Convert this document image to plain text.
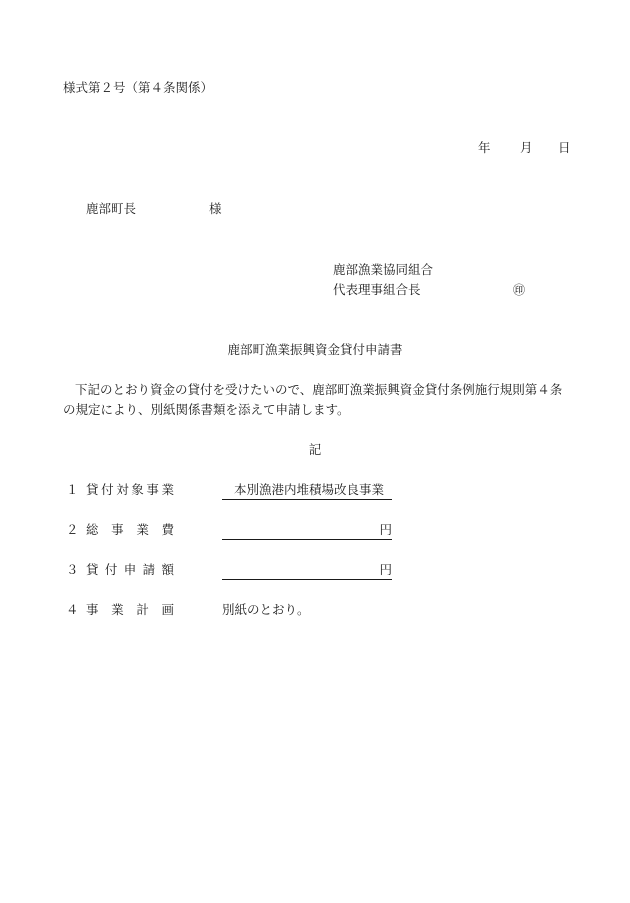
様式第２号（第４条関係）
年 月 日
鹿部町長	様
鹿部漁業協同組合
代表理事組合長	㊞
鹿部町漁業振興資金貸付申請書
下記のとおり資金の貸付を受けたいので、鹿部町漁業振興資金貸付条例施行規則第４条の規定により、別紙関係書類を添えて申請します。
記
１ 貸 付 対 象 事 業	本別漁港内堆積場改良事業
２ 総 事 業 費	円
３ 貸 付 申 請 額	円
４ 事 業 計 画	別紙のとおり。
